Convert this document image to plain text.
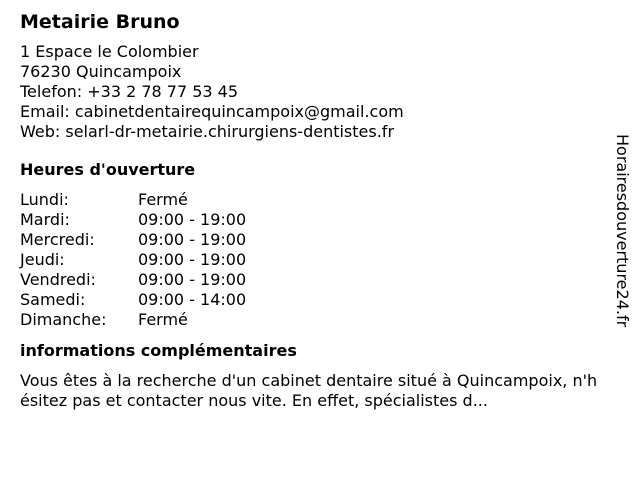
Metairie Bruno
1 Espace le Colombier
76230 Quincampoix
Telefon: +33 2 78 77 53 45
Email: cabinetdentairequincampoix@gmail.com
Web: selarl-dr-metairie.chirurgiens-dentistes.fr
Heures d'ouverture
Lundi:	Fermé
Mardi:	09:00 - 19:00
Mercredi:	09:00 - 19:00
Jeudi:	09:00 - 19:00
Vendredi:	09:00 - 19:00
Samedi:	09:00 - 14:00
Dimanche:	Fermé
informations complémentaires
Vous êtes à la recherche d'un cabinet dentaire situé à Quincampoix, n'hésitez pas et contacter nous vite. En effet, spécialistes d...
Horairesdouverture24.fr
